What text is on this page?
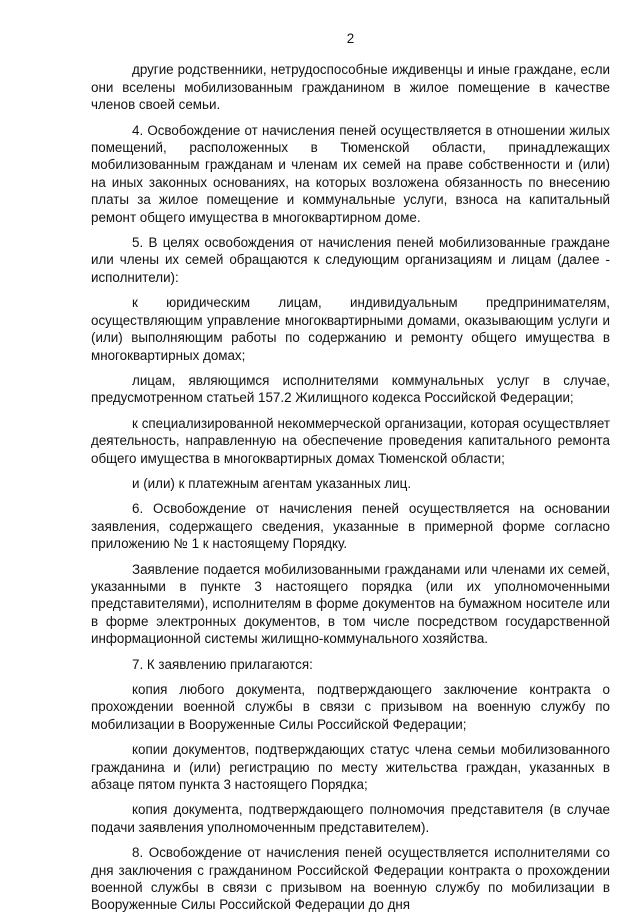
2

другие родственники, нетрудоспособные иждивенцы и иные граждане, если они вселены мобилизованным гражданином в жилое помещение в качестве членов своей семьи.

4. Освобождение от начисления пеней осуществляется в отношении жилых помещений, расположенных в Тюменской области, принадлежащих мобилизованным гражданам и членам их семей на праве собственности и (или) на иных законных основаниях, на которых возложена обязанность по внесению платы за жилое помещение и коммунальные услуги, взноса на капитальный ремонт общего имущества в многоквартирном доме.

5. В целях освобождения от начисления пеней мобилизованные граждане или члены их семей обращаются к следующим организациям и лицам (далее - исполнители):

к юридическим лицам, индивидуальным предпринимателям, осуществляющим управление многоквартирными домами, оказывающим услуги и (или) выполняющим работы по содержанию и ремонту общего имущества в многоквартирных домах;

лицам, являющимся исполнителями коммунальных услуг в случае, предусмотренном статьей 157.2 Жилищного кодекса Российской Федерации;

к специализированной некоммерческой организации, которая осуществляет деятельность, направленную на обеспечение проведения капитального ремонта общего имущества в многоквартирных домах Тюменской области;

и (или) к платежным агентам указанных лиц.

6. Освобождение от начисления пеней осуществляется на основании заявления, содержащего сведения, указанные в примерной форме согласно приложению № 1 к настоящему Порядку.

Заявление подается мобилизованными гражданами или членами их семей, указанными в пункте 3 настоящего порядка (или их уполномоченными представителями), исполнителям в форме документов на бумажном носителе или в форме электронных документов, в том числе посредством государственной информационной системы жилищно-коммунального хозяйства.

7. К заявлению прилагаются:

копия любого документа, подтверждающего заключение контракта о прохождении военной службы в связи с призывом на военную службу по мобилизации в Вооруженные Силы Российской Федерации;

копии документов, подтверждающих статус члена семьи мобилизованного гражданина и (или) регистрацию по месту жительства граждан, указанных в абзаце пятом пункта 3 настоящего Порядка;

копия документа, подтверждающего полномочия представителя (в случае подачи заявления уполномоченным представителем).

8. Освобождение от начисления пеней осуществляется исполнителями со дня заключения с гражданином Российской Федерации контракта о прохождении военной службы в связи с призывом на военную службу по мобилизации в Вооруженные Силы Российской Федерации до дня
